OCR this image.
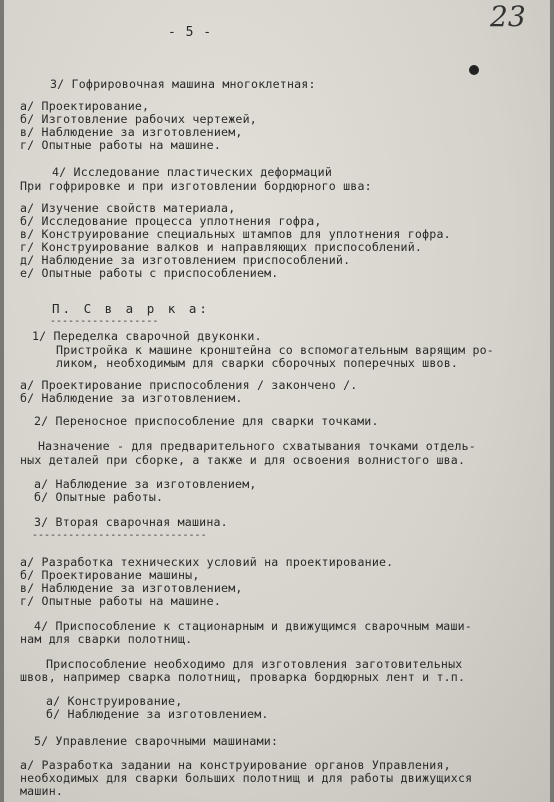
- 5 -	23
3/ Гофрировочная машина многоклетная:
а/ Проектирование,
б/ Изготовление рабочих чертежей,
в/ Наблюдение за изготовлением,
г/ Опытные работы на машине.
4/ Исследование пластических деформаций
При гофрировке и при изготовлении бордюрного шва:
а/ Изучение свойств материала,
б/ Исследование процесса уплотнения гофра,
в/ Конструирование специальных штампов для уплотнения гофра.
г/ Конструирование валков и направляющих приспособлений.
д/ Наблюдение за изготовлением приспособлений.
е/ Опытные работы с приспособлением.
П. С в а р к а:
------------------
1/ Переделка сварочной двуконки.
Пристройка к машине кронштейна со вспомогательным варящим ро-
ликом, необходимым для сварки сборочных поперечных швов.
а/ Проектирование приспособления / закончено /.
б/ Наблюдение за изготовлением.
2/ Переносное приспособление для сварки точками.
Назначение - для предварительного схватывания точками отдель-
ных деталей при сборке, а также и для освоения волнистого шва.
а/ Наблюдение за изготовлением,
б/ Опытные работы.
3/ Вторая сварочная машина.
-----------------------------
а/ Разработка технических условий на проектирование.
б/ Проектирование машины,
в/ Наблюдение за изготовлением,
г/ Опытные работы на машине.
4/ Приспособление к стационарным и движущимся сварочным маши-
нам для сварки полотнищ.
Приспособление необходимо для изготовления заготовительных
швов, например сварка полотнищ, проварка бордюрных лент и т.п.
а/ Конструирование,
б/ Наблюдение за изготовлением.
5/ Управление сварочными машинами:
а/ Разработка задании на конструирование органов Управления,
необходимых для сварки больших полотнищ и для работы движущихся
машин.
